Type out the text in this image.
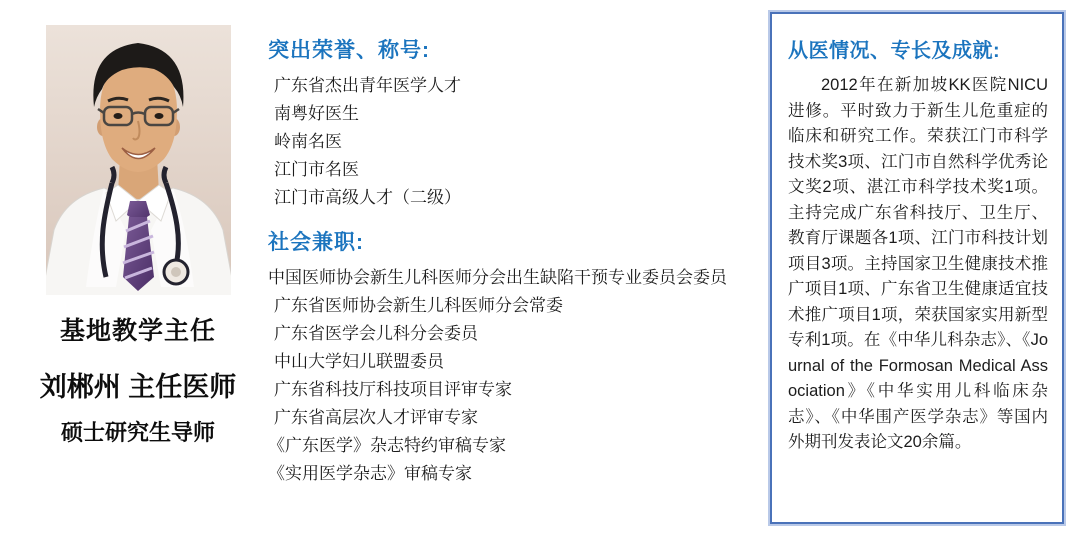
基地教学主任
刘郴州 主任医师
硕士研究生导师
突出荣誉、称号:
广东省杰出青年医学人才
南粤好医生
岭南名医
江门市名医
江门市高级人才（二级）
社会兼职:
中国医师协会新生儿科医师分会出生缺陷干预专业委员会委员
广东省医师协会新生儿科医师分会常委
广东省医学会儿科分会委员
中山大学妇儿联盟委员
广东省科技厅科技项目评审专家
广东省高层次人才评审专家
《广东医学》杂志特约审稿专家
《实用医学杂志》审稿专家
从医情况、专长及成就:

2012年在新加坡KK医院NICU进修。平时致力于新生儿危重症的临床和研究工作。荣获江门市科学技术奖3项、江门市自然科学优秀论文奖2项、湛江市科学技术奖1项。主持完成广东省科技厅、卫生厅、教育厅课题各1项、江门市科技计划项目3项。主持国家卫生健康技术推广项目1项、广东省卫生健康适宜技术推广项目1项，荣获国家实用新型专利1项。在《中华儿科杂志》、《Journal of the Formosan Medical Association》《中华实用儿科临床杂志》、《中华围产医学杂志》等国内外期刊发表论文20余篇。
